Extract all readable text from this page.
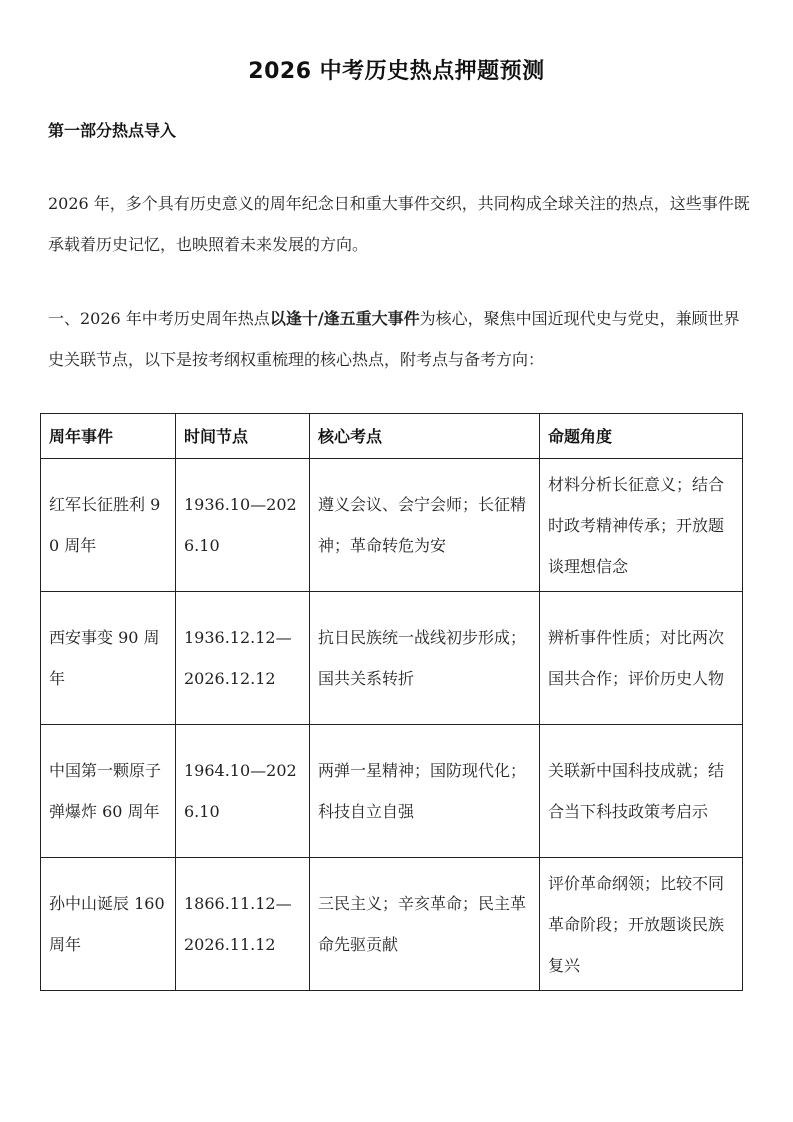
2026 中考历史热点押题预测
第一部分热点导入
2026 年，多个具有历史意义的周年纪念日和重大事件交织，共同构成全球关注的热点，这些事件既承载着历史记忆，也映照着未来发展的方向。
一、2026 年中考历史周年热点以逢十/逢五重大事件为核心，聚焦中国近现代史与党史，兼顾世界史关联节点，以下是按考纲权重梳理的核心热点，附考点与备考方向：
周年事件	时间节点	核心考点	命题角度
红军长征胜利 90 周年	1936.10—2026.10	遵义会议、会宁会师；长征精神；革命转危为安	材料分析长征意义；结合时政考精神传承；开放题谈理想信念
西安事变 90 周年	1936.12.12—2026.12.12	抗日民族统一战线初步形成；国共关系转折	辨析事件性质；对比两次国共合作；评价历史人物
中国第一颗原子弹爆炸 60 周年	1964.10—2026.10	两弹一星精神；国防现代化；科技自立自强	关联新中国科技成就；结合当下科技政策考启示
孙中山诞辰 160 周年	1866.11.12—2026.11.12	三民主义；辛亥革命；民主革命先驱贡献	评价革命纲领；比较不同革命阶段；开放题谈民族复兴
